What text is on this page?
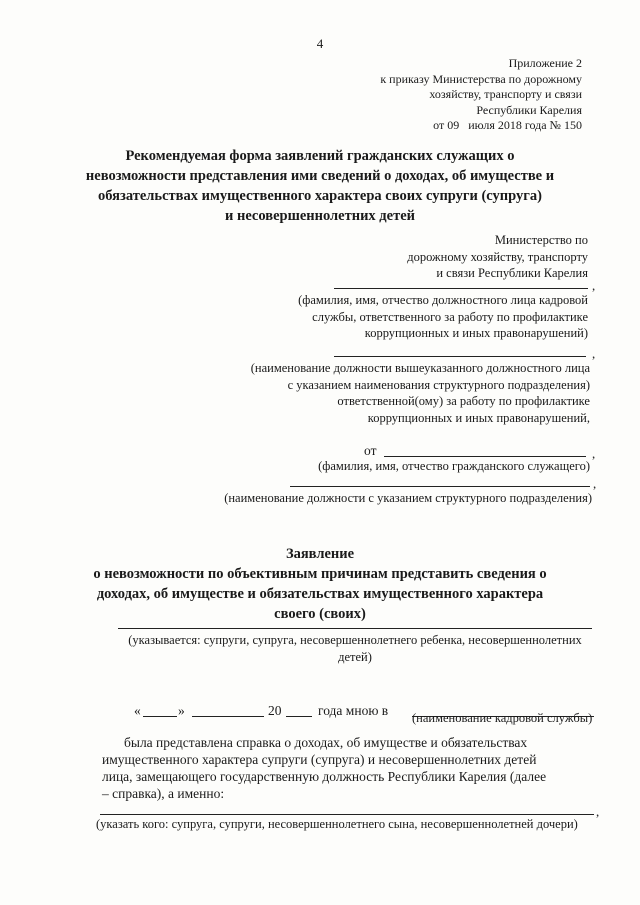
4
Приложение 2
к приказу Министерства по дорожному
хозяйству, транспорту и связи
Республики Карелия
от 09   июля 2018 года № 150
Рекомендуемая форма заявлений гражданских служащих о
невозможности представления ими сведений о доходах, об имуществе и
обязательствах имущественного характера своих супруги (супруга)
и несовершеннолетних детей
Министерство по
дорожному хозяйству, транспорту
и связи Республики Карелия
,
(фамилия, имя, отчество должностного лица кадровой
службы, ответственного за работу по профилактике
коррупционных и иных правонарушений)
,
(наименование должности вышеуказанного должностного лица
с указанием наименования структурного подразделения)
ответственной(ому) за работу по профилактике
коррупционных и иных правонарушений,
от	,
(фамилия, имя, отчество гражданского служащего)
,
(наименование должности с указанием структурного подразделения)
Заявление
о невозможности по объективным причинам представить сведения о
доходах, об имуществе и обязательствах имущественного характера
своего (своих)
(указывается: супруги, супруга, несовершеннолетнего ребенка, несовершеннолетних
детей)
«	»	20	года мною в (наименование кадровой службы)
была представлена справка о доходах, об имуществе и обязательствах
имущественного характера супруги (супруга) и несовершеннолетних детей
лица, замещающего государственную должность Республики Карелия (далее
– справка), а именно:
,
(указать кого: супруга, супруги, несовершеннолетнего сына, несовершеннолетней дочери)
